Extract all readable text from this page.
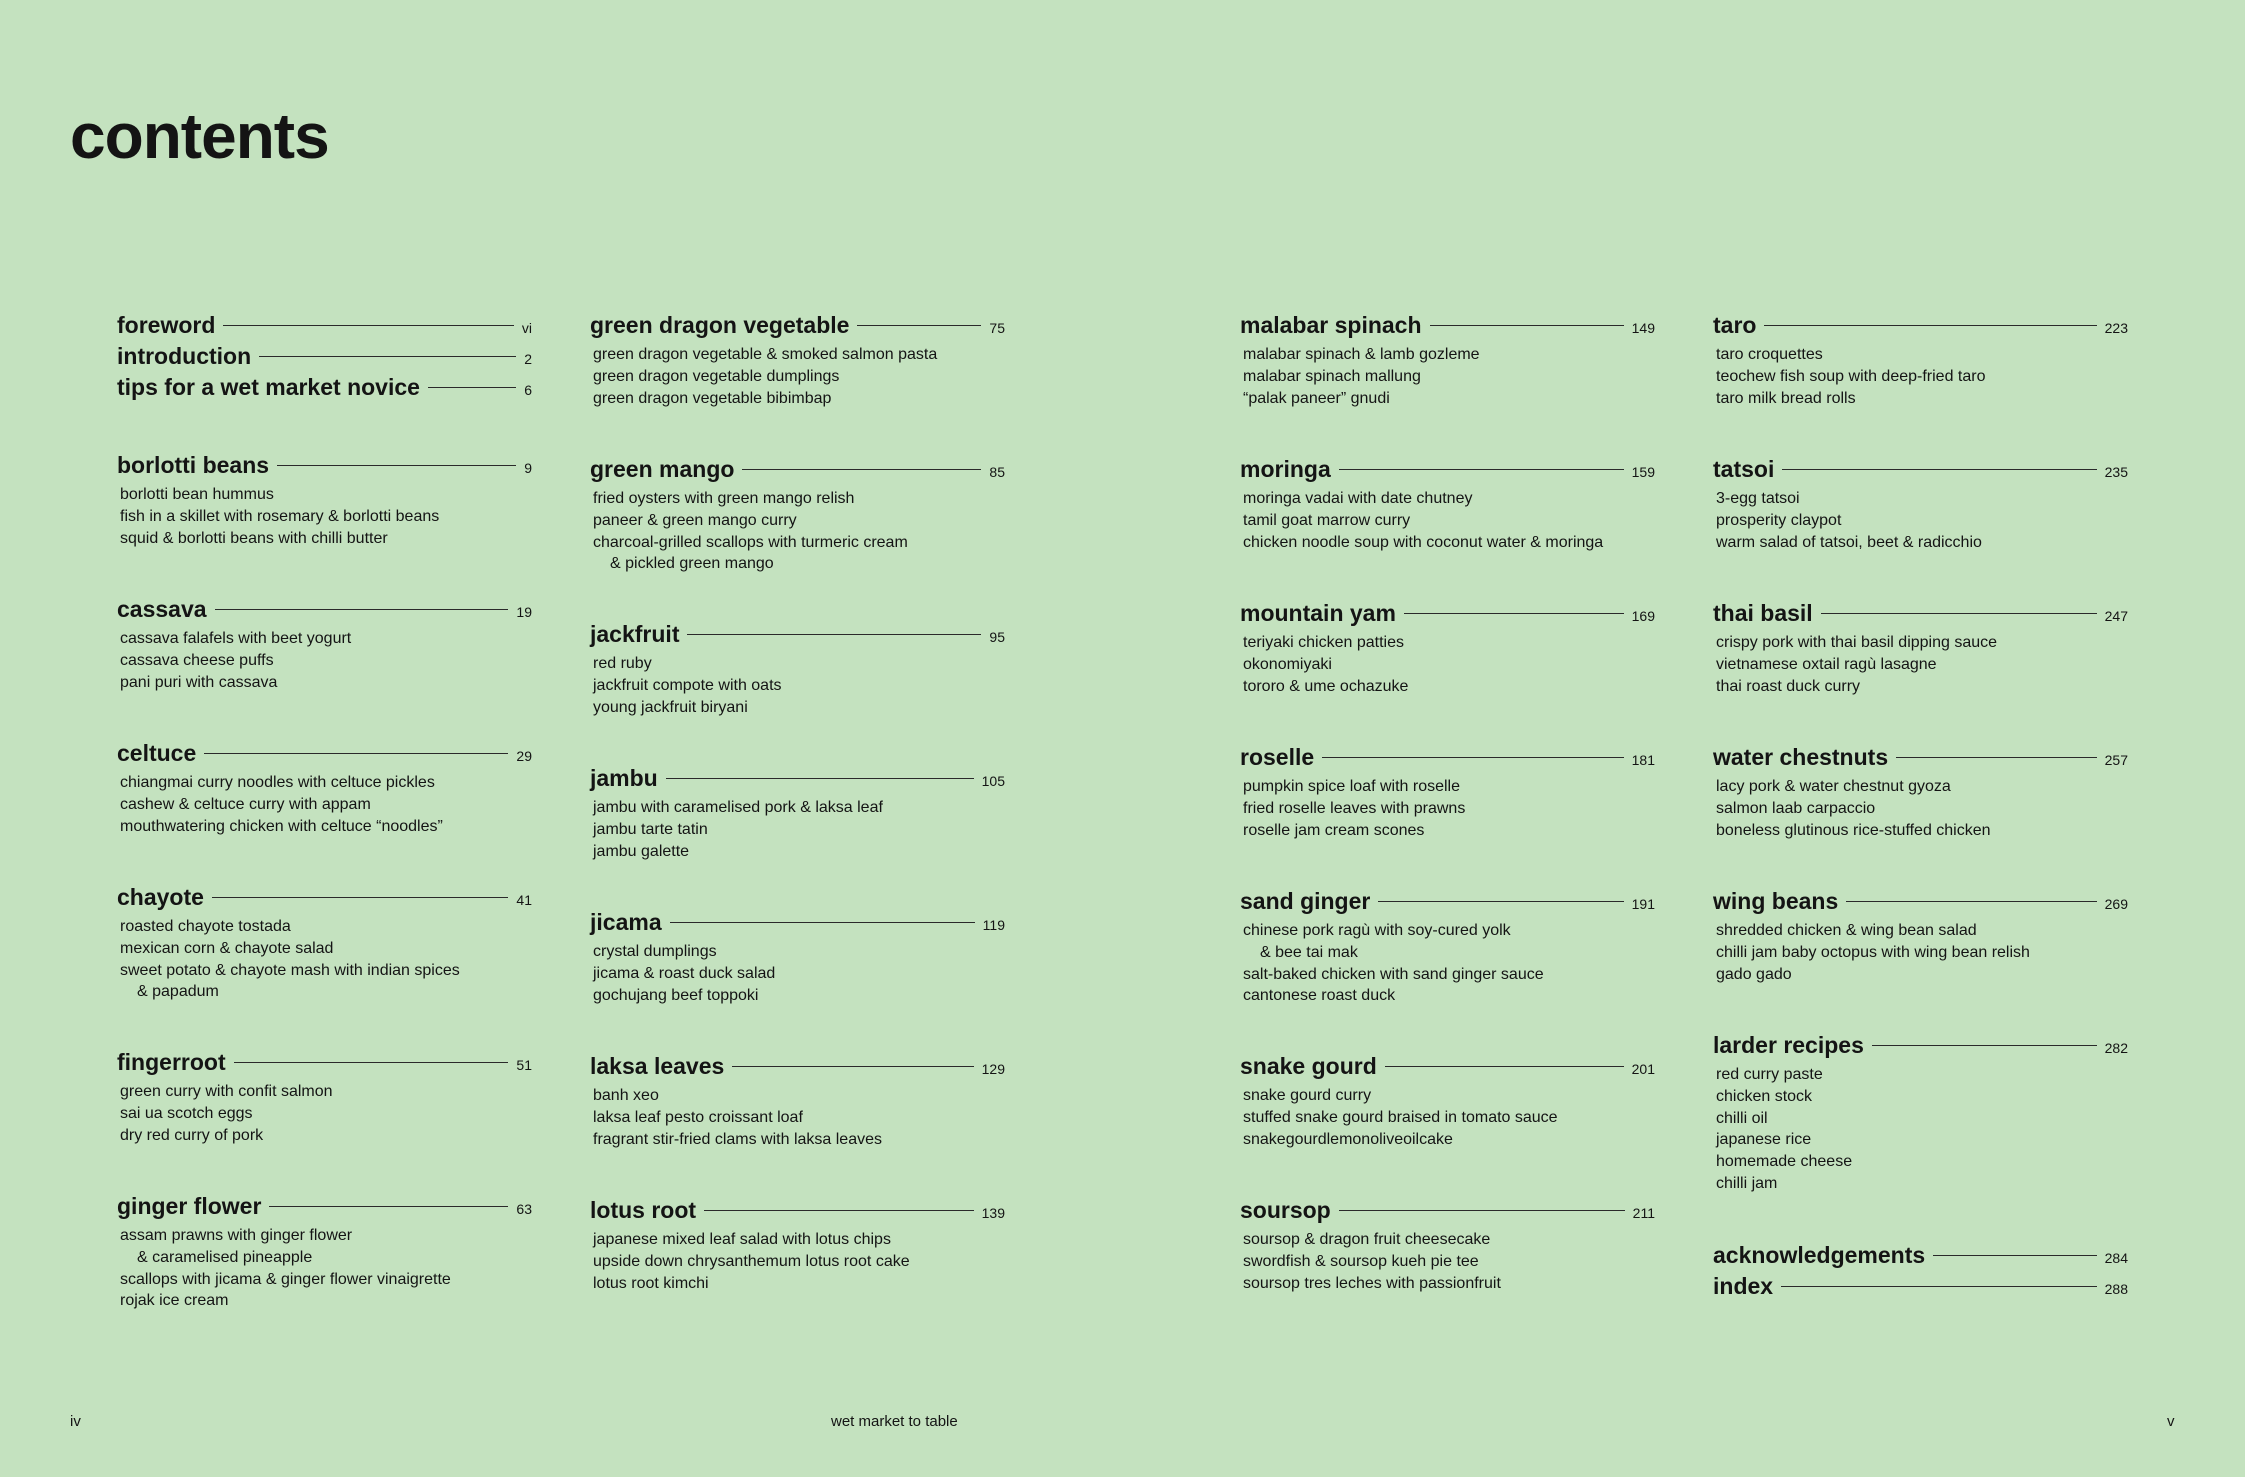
contents
foreword	vi
introduction	2
tips for a wet market novice	6
borlotti beans	9
borlotti bean hummus
fish in a skillet with rosemary & borlotti beans
squid & borlotti beans with chilli butter
cassava	19
cassava falafels with beet yogurt
cassava cheese puffs
pani puri with cassava
celtuce	29
chiangmai curry noodles with celtuce pickles
cashew & celtuce curry with appam
mouthwatering chicken with celtuce “noodles”
chayote	41
roasted chayote tostada
mexican corn & chayote salad
sweet potato & chayote mash with indian spices
& papadum
fingerroot	51
green curry with confit salmon
sai ua scotch eggs
dry red curry of pork
ginger flower	63
assam prawns with ginger flower
& caramelised pineapple
scallops with jicama & ginger flower vinaigrette
rojak ice cream
green dragon vegetable	75
green dragon vegetable & smoked salmon pasta
green dragon vegetable dumplings
green dragon vegetable bibimbap
green mango	85
fried oysters with green mango relish
paneer & green mango curry
charcoal-grilled scallops with turmeric cream
& pickled green mango
jackfruit	95
red ruby
jackfruit compote with oats
young jackfruit biryani
jambu	105
jambu with caramelised pork & laksa leaf
jambu tarte tatin
jambu galette
jicama	119
crystal dumplings
jicama & roast duck salad
gochujang beef toppoki
laksa leaves	129
banh xeo
laksa leaf pesto croissant loaf
fragrant stir-fried clams with laksa leaves
lotus root	139
japanese mixed leaf salad with lotus chips
upside down chrysanthemum lotus root cake
lotus root kimchi
malabar spinach	149
malabar spinach & lamb gozleme
malabar spinach mallung
“palak paneer” gnudi
moringa	159
moringa vadai with date chutney
tamil goat marrow curry
chicken noodle soup with coconut water & moringa
mountain yam	169
teriyaki chicken patties
okonomiyaki
tororo & ume ochazuke
roselle	181
pumpkin spice loaf with roselle
fried roselle leaves with prawns
roselle jam cream scones
sand ginger	191
chinese pork ragù with soy-cured yolk
& bee tai mak
salt-baked chicken with sand ginger sauce
cantonese roast duck
snake gourd	201
snake gourd curry
stuffed snake gourd braised in tomato sauce
snakegourdlemonoliveoilcake
soursop	211
soursop & dragon fruit cheesecake
swordfish & soursop kueh pie tee
soursop tres leches with passionfruit
taro	223
taro croquettes
teochew fish soup with deep-fried taro
taro milk bread rolls
tatsoi	235
3-egg tatsoi
prosperity claypot
warm salad of tatsoi, beet & radicchio
thai basil	247
crispy pork with thai basil dipping sauce
vietnamese oxtail ragù lasagne
thai roast duck curry
water chestnuts	257
lacy pork & water chestnut gyoza
salmon laab carpaccio
boneless glutinous rice-stuffed chicken
wing beans	269
shredded chicken & wing bean salad
chilli jam baby octopus with wing bean relish
gado gado
larder recipes	282
red curry paste
chicken stock
chilli oil
japanese rice
homemade cheese
chilli jam
acknowledgements	284
index	288
iv	wet market to table	v
